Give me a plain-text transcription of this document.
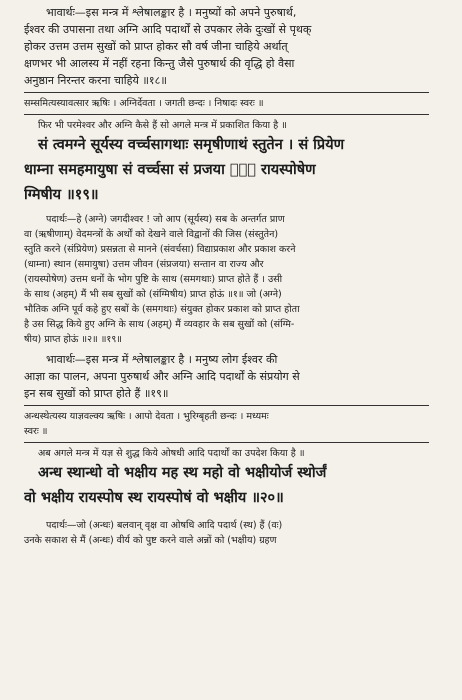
भावार्थः—इस मन्त्र में श्लेषालङ्कार है । मनुष्यों को अपने पुरुषार्थ,
ईश्वर की उपासना तथा अग्नि आदि पदार्थों से उपकार लेके दुःखों से पृथक्
होकर उत्तम उत्तम सुखों को प्राप्त होकर सौ वर्ष जीना चाहिये अर्थात्
क्षणभर भी आलस्य में नहीं रहना किन्तु जैसे पुरुषार्थ की वृद्धि हो वैसा
अनुष्ठान निरन्तर करना चाहिये ॥१८॥
सम्समित्यस्यावत्सार ऋषिः । अग्निर्देवता । जगती छन्दः । निषादः स्वरः ॥
फिर भी परमेश्वर और अग्नि कैसे हैं सो अगले मन्त्र में प्रकाशित किया है ॥
सं त्वमग्ने सूर्यस्य वर्च्चसागथाः समृषीणाथं स्तुतेन । सं प्रियेण
धाम्ना समहमायुषा सं वर्च्चसा सं प्रजया सं᳚ रायस्पोषेण
ग्मिषीय ॥१९॥
पदार्थः—हे (अग्ने) जगदीश्वर ! जो आप (सूर्यस्य) सब के अन्तर्गत प्राण
वा (ऋषीणाम्) वेदमन्त्रों के अर्थों को देखने वाले विद्वानों की जिस (संस्तुतेन)
स्तुति करने (संप्रियेण) प्रसन्नता से मानने (संवर्चसा) विद्याप्रकाश और प्रकाश करने
(धाम्ना) स्थान (समायुषा) उत्तम जीवन (संप्रजया) सन्तान वा राज्य और
(रायस्पोषेण) उत्तम धनों के भोग पुष्टि के साथ (समगथाः) प्राप्त होते हैं । उसी
के साथ (अहम्) मैं भी सब सुखों को (संग्मिषीय) प्राप्त होऊं ॥१॥ जो (अग्ने)
भौतिक अग्नि पूर्व कहे हुए सबों के (समगथाः) संयुक्त होकर प्रकाश को प्राप्त होता
है उस सिद्ध किये हुए अग्नि के साथ (अहम्) मैं व्यवहार के सब सुखों को (संग्मि-
षीय) प्राप्त होऊं ॥२॥ ॥१९॥
भावार्थः—इस मन्त्र में श्लेषालङ्कार है । मनुष्य लोग ईश्वर की
आज्ञा का पालन, अपना पुरुषार्थ और अग्नि आदि पदार्थों के संप्रयोग से
इन सब सुखों को प्राप्त होते हैं ॥१९॥
अन्धस्थेत्यस्य याज्ञवल्क्य ऋषिः । आपो देवता । भुरिग्बृहती छन्दः । मध्यमः
स्वरः ॥
अब अगले मन्त्र में यज्ञ से शुद्ध किये ओषधी आदि पदार्थों का उपदेश किया है ॥
अन्ध स्थान्धो वो भक्षीय मह स्थ महो वो भक्षीयोर्ज स्थोर्जं
वो भक्षीय रायस्पोष स्थ रायस्पोषं वो भक्षीय ॥२०॥
पदार्थः—जो (अन्धः) बलवान् वृक्ष वा ओषधि आदि पदार्थ (स्थ) हैं (वः)
उनके सकाश से मैं (अन्धः) वीर्य को पुष्ट करने वाले अन्नों को (भक्षीय) ग्रहण
